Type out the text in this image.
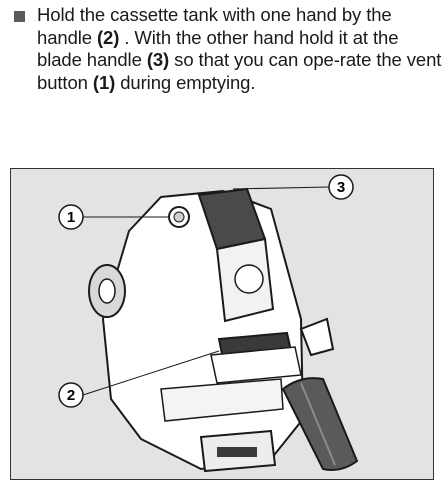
Hold the cassette tank with one hand by the handle (2) . With the other hand hold it at the blade handle (3) so that you can ope-rate the vent button (1) during emptying.
1
2
3
